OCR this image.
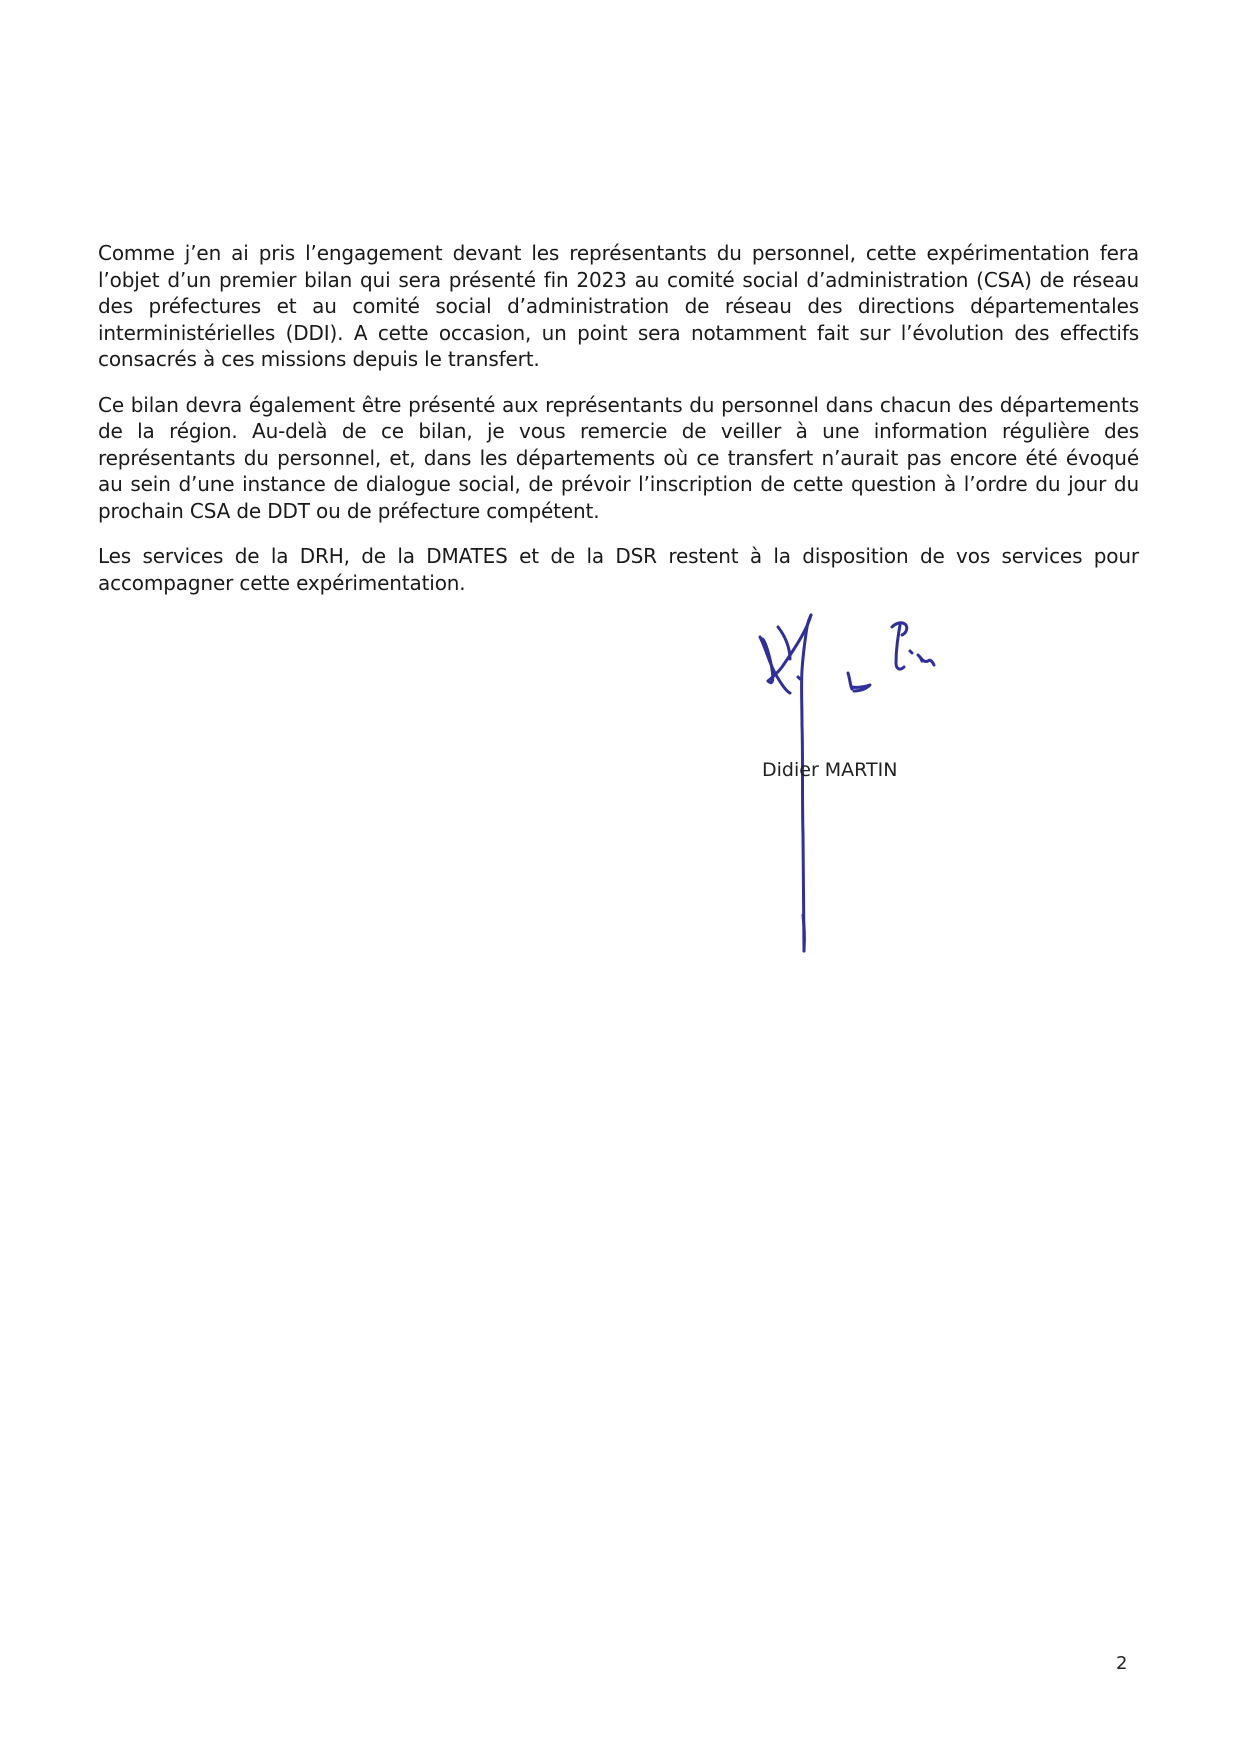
Comme j’en ai pris l’engagement devant les représentants du personnel, cette expérimentation fera l’objet d’un premier bilan qui sera présenté fin 2023 au comité social d’administration (CSA) de réseau des préfectures et au comité social d’administration de réseau des directions départementales interministérielles (DDI). A cette occasion, un point sera notamment fait sur l’évolution des effectifs consacrés à ces missions depuis le transfert.

Ce bilan devra également être présenté aux représentants du personnel dans chacun des départements de la région. Au-delà de ce bilan, je vous remercie de veiller à une information régulière des représentants du personnel, et, dans les départements où ce transfert n’aurait pas encore été évoqué au sein d’une instance de dialogue social, de prévoir l’inscription de cette question à l’ordre du jour du prochain CSA de DDT ou de préfecture compétent.

Les services de la DRH, de la DMATES et de la DSR restent à la disposition de vos services pour accompagner cette expérimentation.

Didier MARTIN
2
